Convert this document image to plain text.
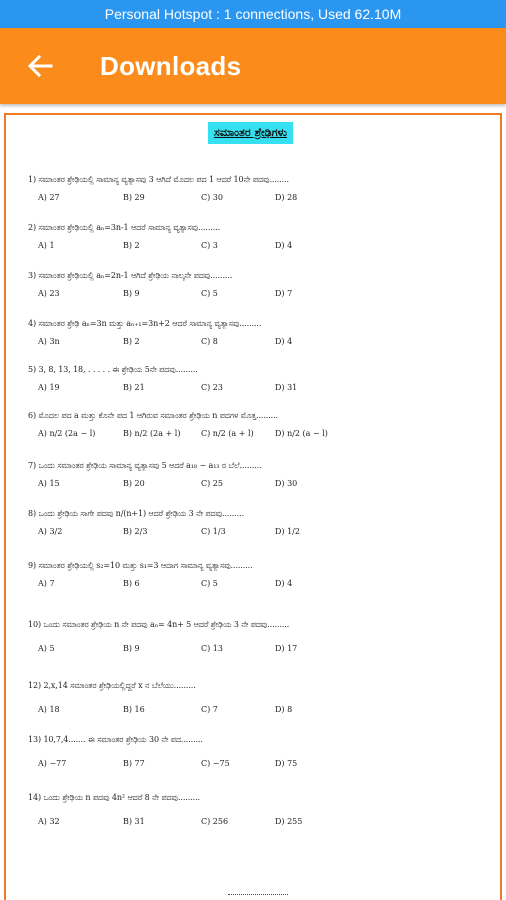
Personal Hotspot : 1 connections, Used 62.10M
Downloads
ಸಮಾಂತರ ಶ್ರೇಢಿಗಳು
1) ಸಮಾಂತರ ಶ್ರೇಢಿಯಲ್ಲಿ ಸಾಮಾನ್ಯ ವ್ಯತ್ಯಾಸವು 3 ಆಗಿದೆ ಮೊದಲ ಪದ 1 ಆದರೆ 10ನೇ ಪದವು........
A) 27	B) 29	C) 30	D) 28
2) ಸಮಾಂತರ ಶ್ರೇಢಿಯಲ್ಲಿ aₙ=3n-1 ಆದರೆ ಸಾಮಾನ್ಯ ವ್ಯತ್ಯಾಸವು.........
A) 1	B) 2	C) 3	D) 4
3) ಸಮಾಂತರ ಶ್ರೇಢಿಯಲ್ಲಿ aₙ=2n-1 ಆಗಿದೆ ಶ್ರೇಢಿಯ ನಾಲ್ಕನೇ ಪದವು.........
A) 23	B) 9	C) 5	D) 7
4) ಸಮಾಂತರ ಶ್ರೇಢಿ aₙ=3n ಮತ್ತು aₙ₊₁=3n+2 ಆದರೆ ಸಾಮಾನ್ಯ ವ್ಯತ್ಯಾಸವು.........
A) 3n	B) 2	C) 8	D) 4
5) 3, 8, 13, 18, . . . . . ಈ ಶ್ರೇಢಿಯ 5ನೇ ಪದವು.........
A) 19	B) 21	C) 23	D) 31
6) ಮೊದಲ ಪದ a ಮತ್ತು ಕೊನೇ ಪದ 1 ಆಗಿರುವ ಸಮಾಂತರ ಶ್ರೇಢಿಯ n ಪದಗಳ ಮೊತ್ತ.........
A) n/2 (2a − l)	B) n/2 (2a + l)	C) n/2 (a + l)	D) n/2 (a − l)
7) ಒಂದು ಸಮಾಂತರ ಶ್ರೇಢಿಯ ಸಾಮಾನ್ಯ ವ್ಯತ್ಯಾಸವು 5 ಆದರೆ a₁₈ − a₁₃ ರ ಬೆಲೆ.........
A) 15	B) 20	C) 25	D) 30
8) ಒಂದು ಶ್ರೇಢಿಯ ಸಾಗೇ ಪದವು n/(n+1) ಆದರೆ ಶ್ರೇಢಿಯ 3 ನೇ ಪದವು.........
A) 3/2	B) 2/3	C) 1/3	D) 1/2
9) ಸಮಾಂತರ ಶ್ರೇಢಿಯಲ್ಲಿ s₂=10 ಮತ್ತು s₁=3 ಆದಾಗ ಸಾಮಾನ್ಯ ವ್ಯತ್ಯಾಸವು.........
A) 7	B) 6	C) 5	D) 4
10) ಒಂದು ಸಮಾಂತರ ಶ್ರೇಢಿಯ n ನೇ ಪದವು aₙ= 4n+ 5 ಆದರೆ ಶ್ರೇಢಿಯ 3 ನೇ ಪದವು.........
A) 5	B) 9	C) 13	D) 17
12) 2,x,14 ಸಮಾಂತರ ಶ್ರೇಢಿಯಲ್ಲಿದ್ದರೆ x ನ ಬೆಲೆಯು.........
A) 18	B) 16	C) 7	D) 8
13) 10,7,4....... ಈ ಸಮಾಂತರ ಶ್ರೇಢಿಯ 30 ನೇ ಪದ.........
A) −77	B) 77	C) −75	D) 75
14) ಒಂದು ಶ್ರೇಢಿಯ n ಪದವು 4n² ಆದರೆ 8 ನೇ ಪದವು.........
A) 32	B) 31	C) 256	D) 255
